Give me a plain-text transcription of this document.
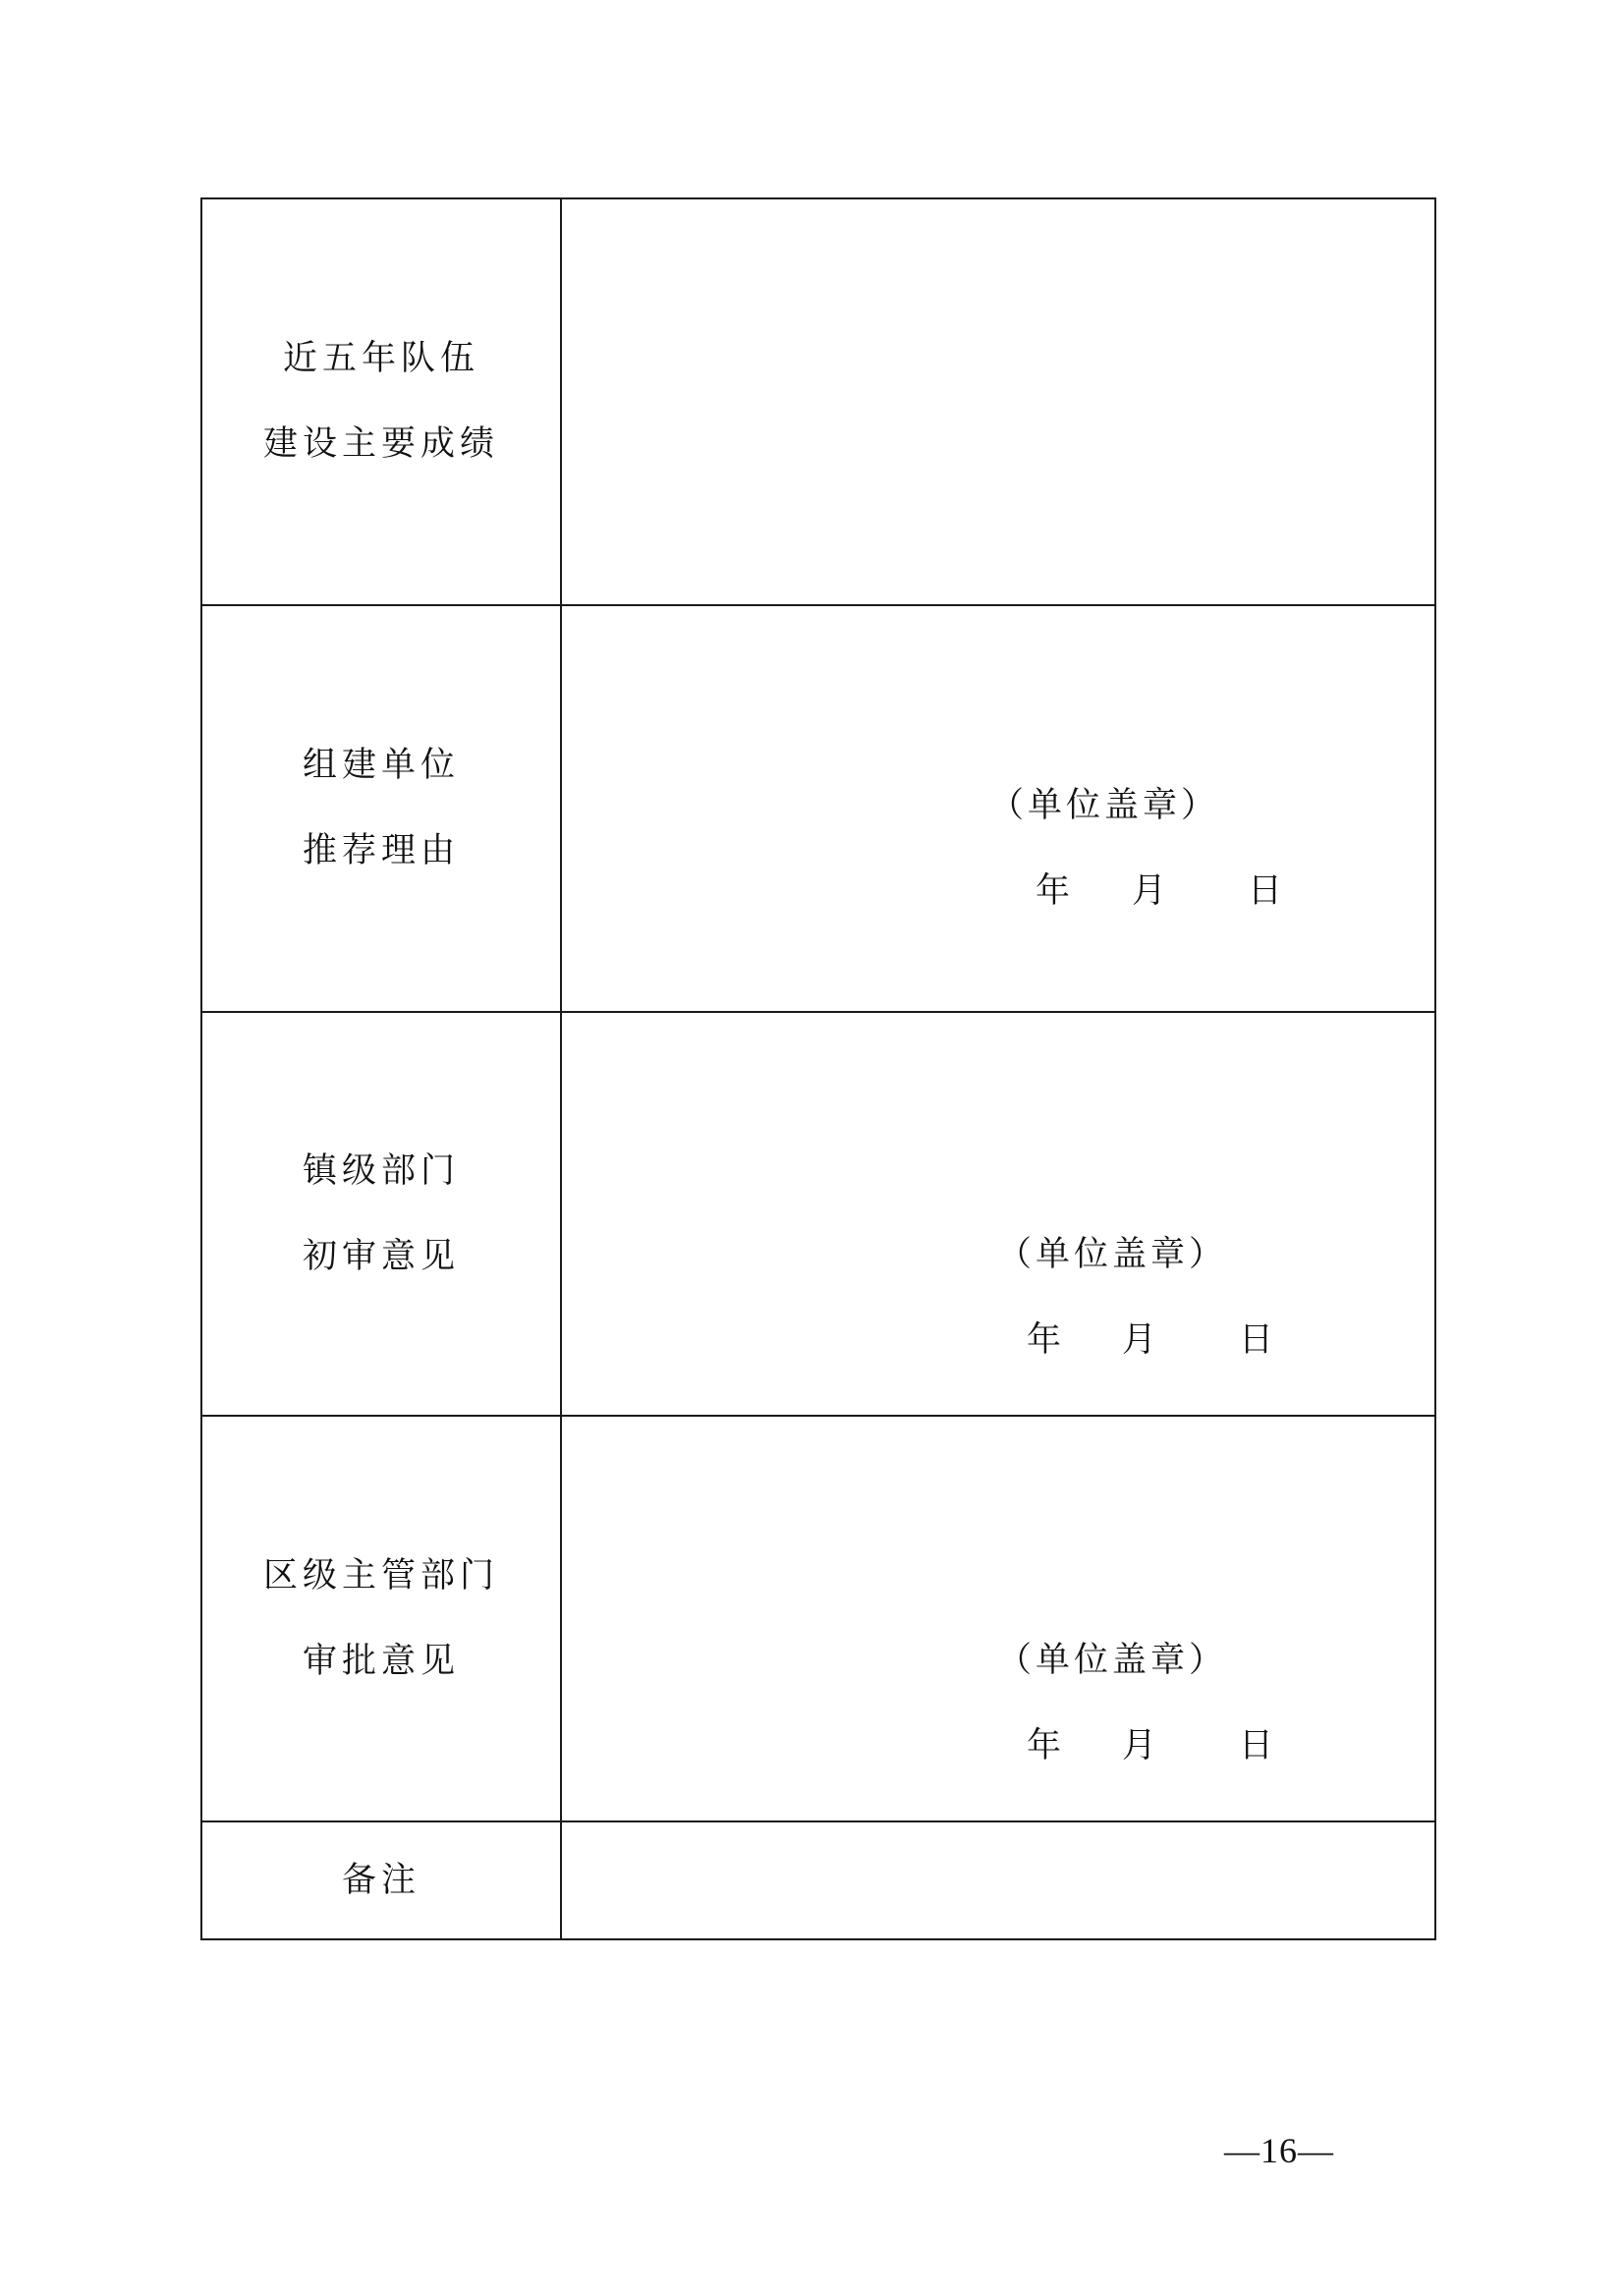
近五年队伍
建设主要成绩	

组建单位
推荐理由	（单位盖章）
年 月 日

镇级部门
初审意见	（单位盖章）
年 月 日

区级主管部门
审批意见	（单位盖章）
年 月 日

备注	

—16—
